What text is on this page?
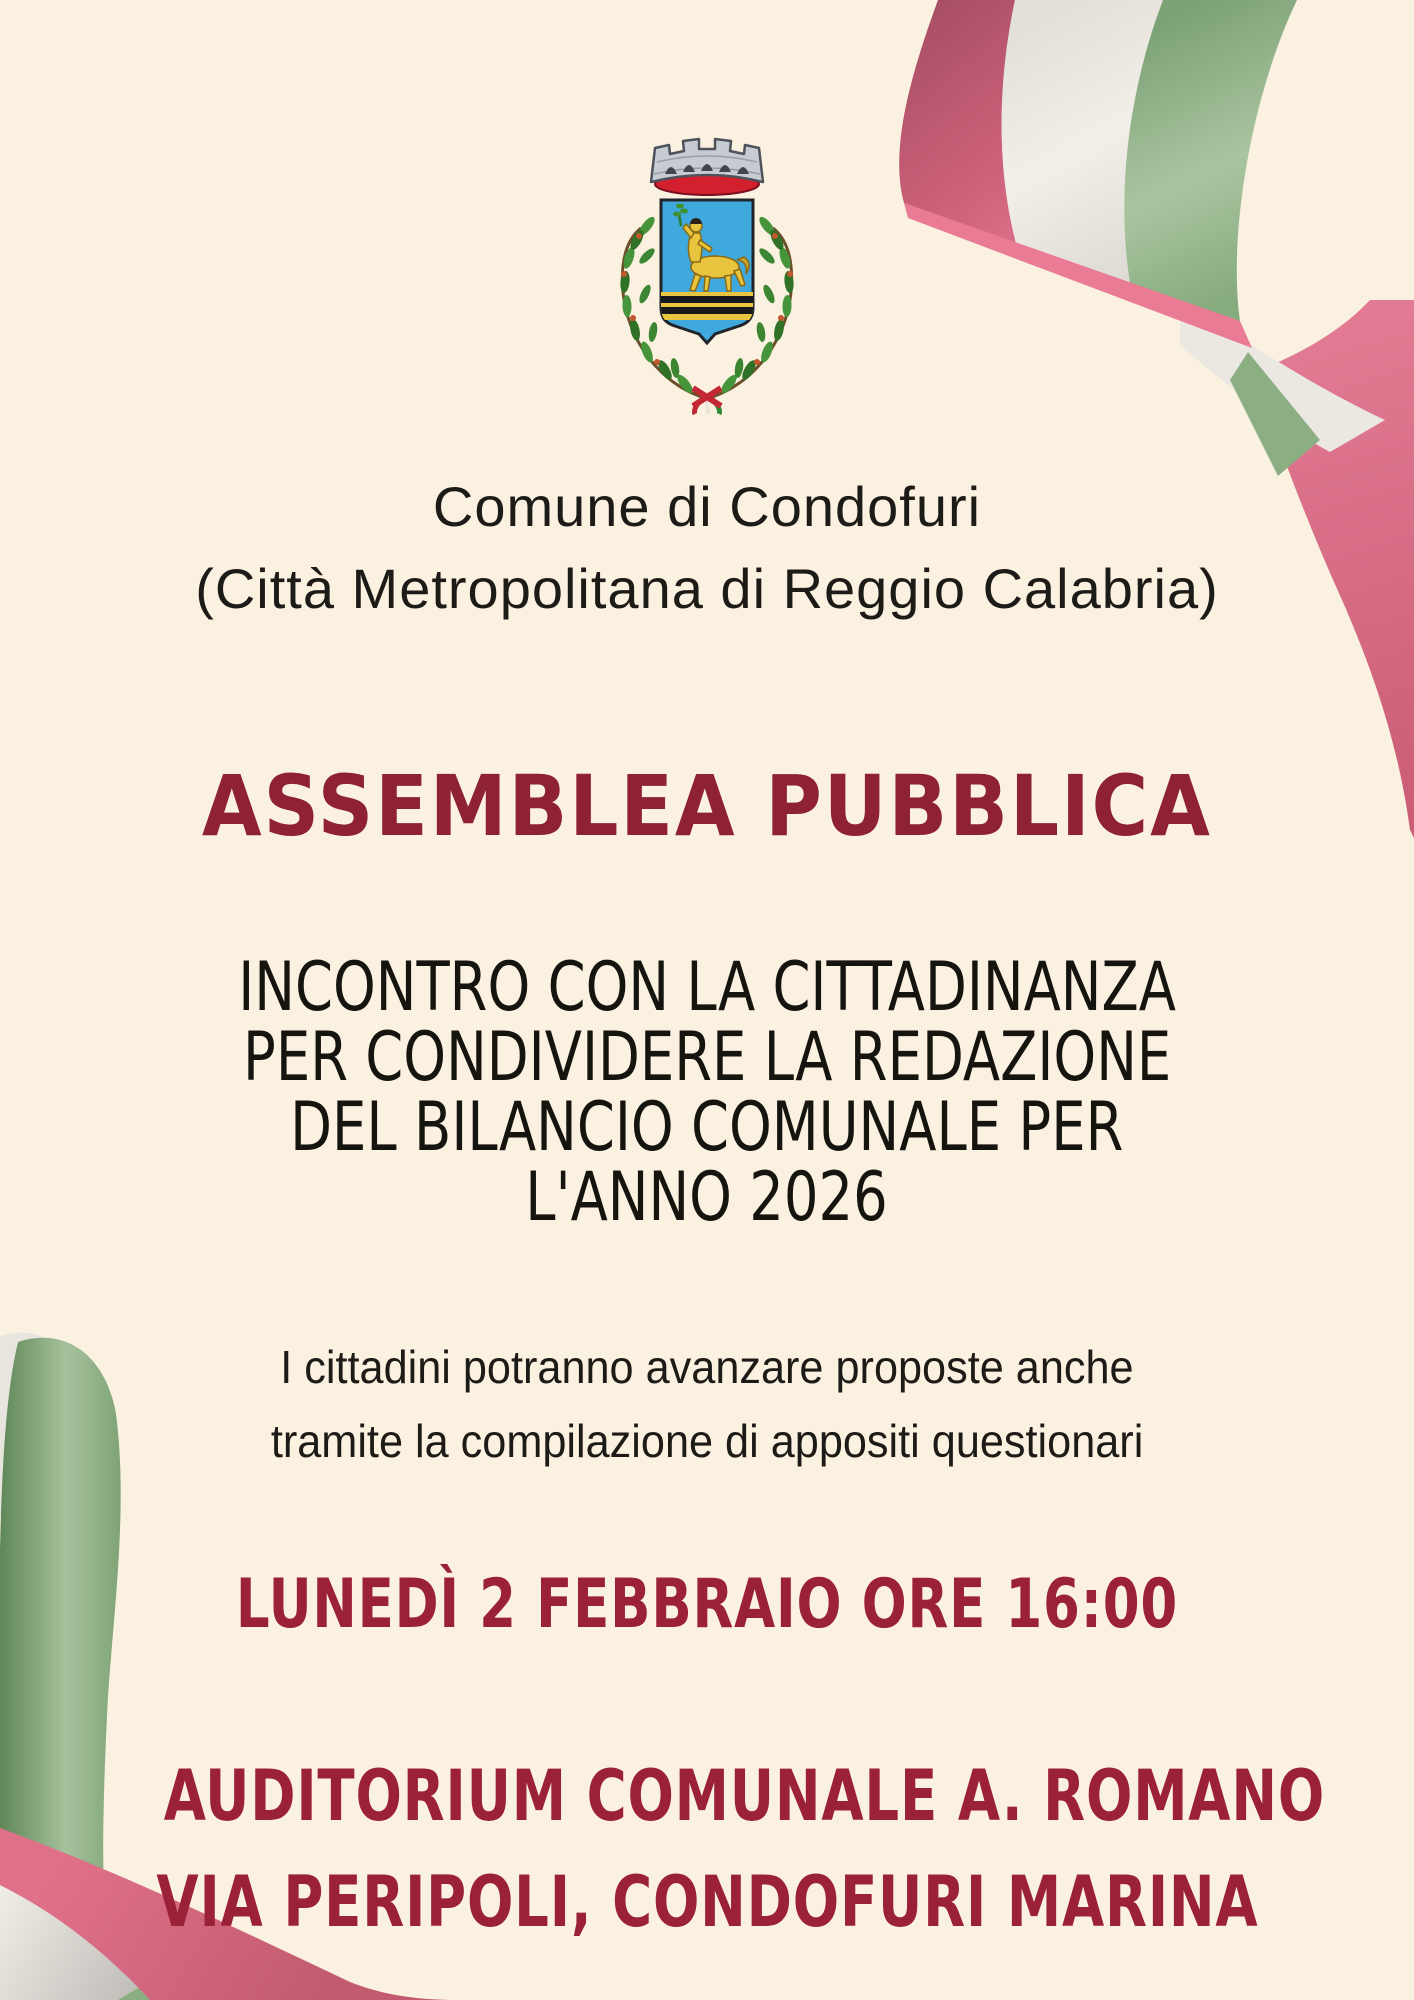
Comune di Condofuri
(Città Metropolitana di Reggio Calabria)
ASSEMBLEA PUBBLICA
INCONTRO CON LA CITTADINANZA
PER CONDIVIDERE LA REDAZIONE
DEL BILANCIO COMUNALE PER
L'ANNO 2026
I cittadini potranno avanzare proposte anche
tramite la compilazione di appositi questionari
LUNEDÌ 2 FEBBRAIO ORE 16:00
AUDITORIUM COMUNALE A. ROMANO
VIA PERIPOLI, CONDOFURI MARINA
